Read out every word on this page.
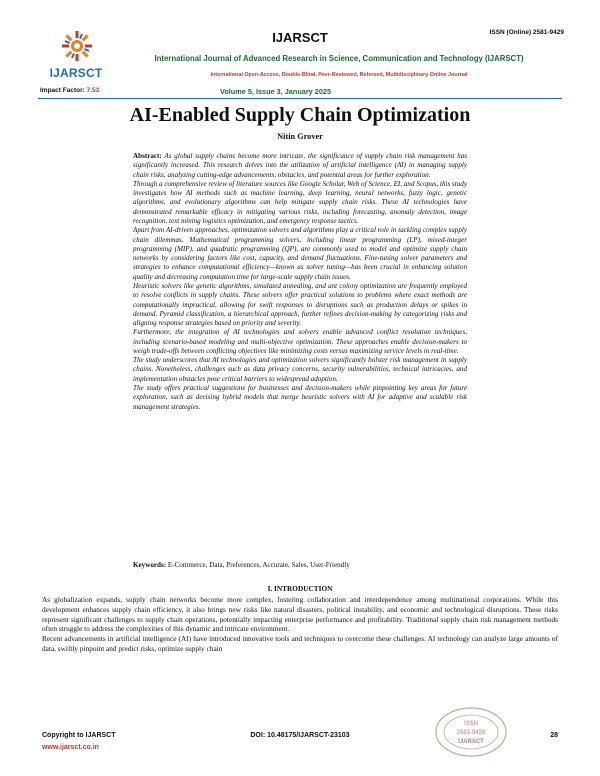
IJARSCT	ISSN (Online) 2581-9429
IJARSCT
International Journal of Advanced Research in Science, Communication and Technology (IJARSCT)
International Open-Access, Double-Blind, Peer-Reviewed, Refereed, Multidisciplinary Online Journal
Impact Factor: 7.53	Volume 5, Issue 3, January 2025
AI-Enabled Supply Chain Optimization
Nitin Grover

Abstract: As global supply chains become more intricate, the significance of supply chain risk management has significantly increased. This research delves into the utilization of artificial intelligence (AI) in managing supply chain risks, analyzing cutting-edge advancements, obstacles, and potential areas for further exploration.

Through a comprehensive review of literature sources like Google Scholar, Web of Science, EI, and Scopus, this study investigates how AI methods such as machine learning, deep learning, neural networks, fuzzy logic, genetic algorithms, and evolutionary algorithms can help mitigate supply chain risks. These AI technologies have demonstrated remarkable efficacy in mitigating various risks, including forecasting, anomaly detection, image recognition, text mining logistics optimization, and emergency response tactics.

Apart from AI-driven approaches, optimization solvers and algorithms play a critical role in tackling complex supply chain dilemmas. Mathematical programming solvers, including linear programming (LP), mixed-integer programming (MIP), and quadratic programming (QP), are commonly used to model and optimize supply chain networks by considering factors like cost, capacity, and demand fluctuations. Fine-tuning solver parameters and strategies to enhance computational efficiency—known as solver tuning—has been crucial in enhancing solution quality and decreasing computation time for large-scale supply chain issues.

Heuristic solvers like genetic algorithms, simulated annealing, and ant colony optimization are frequently employed to resolve conflicts in supply chains. These solvers offer practical solutions to problems where exact methods are computationally impractical, allowing for swift responses to disruptions such as production delays or spikes in demand. Pyramid classification, a hierarchical approach, further refines decision-making by categorizing risks and aligning response strategies based on priority and severity.

Furthermore, the integration of AI technologies and solvers enable advanced conflict resolution techniques, including scenario-based modeling and multi-objective optimization. These approaches enable decision-makers to weigh trade-offs between conflicting objectives like minimizing costs versus maximizing service levels in real-time.

The study underscores that AI technologies and optimization solvers significantly bolster risk management in supply chains. Nonetheless, challenges such as data privacy concerns, security vulnerabilities, technical intricacies, and implementation obstacles pose critical barriers to widespread adoption.

The study offers practical suggestions for businesses and decision-makers while pinpointing key areas for future exploration, such as devising hybrid models that merge heuristic solvers with AI for adaptive and scalable risk management strategies.

Keywords: E-Commerce, Data, Preferences, Accurate, Sales, User-Friendly
I. INTRODUCTION

As globalization expands, supply chain networks become more complex, fostering collaboration and interdependence among multinational corporations. While this development enhances supply chain efficiency, it also brings new risks like natural disasters, political instability, and economic and technological disruptions. These risks represent significant challenges to supply chain operations, potentially impacting enterprise performance and profitability. Traditional supply chain risk management methods often struggle to address the complexities of this dynamic and intricate environment.

Recent advancements in artificial intelligence (AI) have introduced innovative tools and techniques to overcome these challenges. AI technology can analyze large amounts of data, swiftly pinpoint and predict risks, optimize supply chain

ISSN
2581-9429
IJARSCT
Copyright to IJARSCT	DOI: 10.48175/IJARSCT-23103	28
www.ijarsct.co.in
